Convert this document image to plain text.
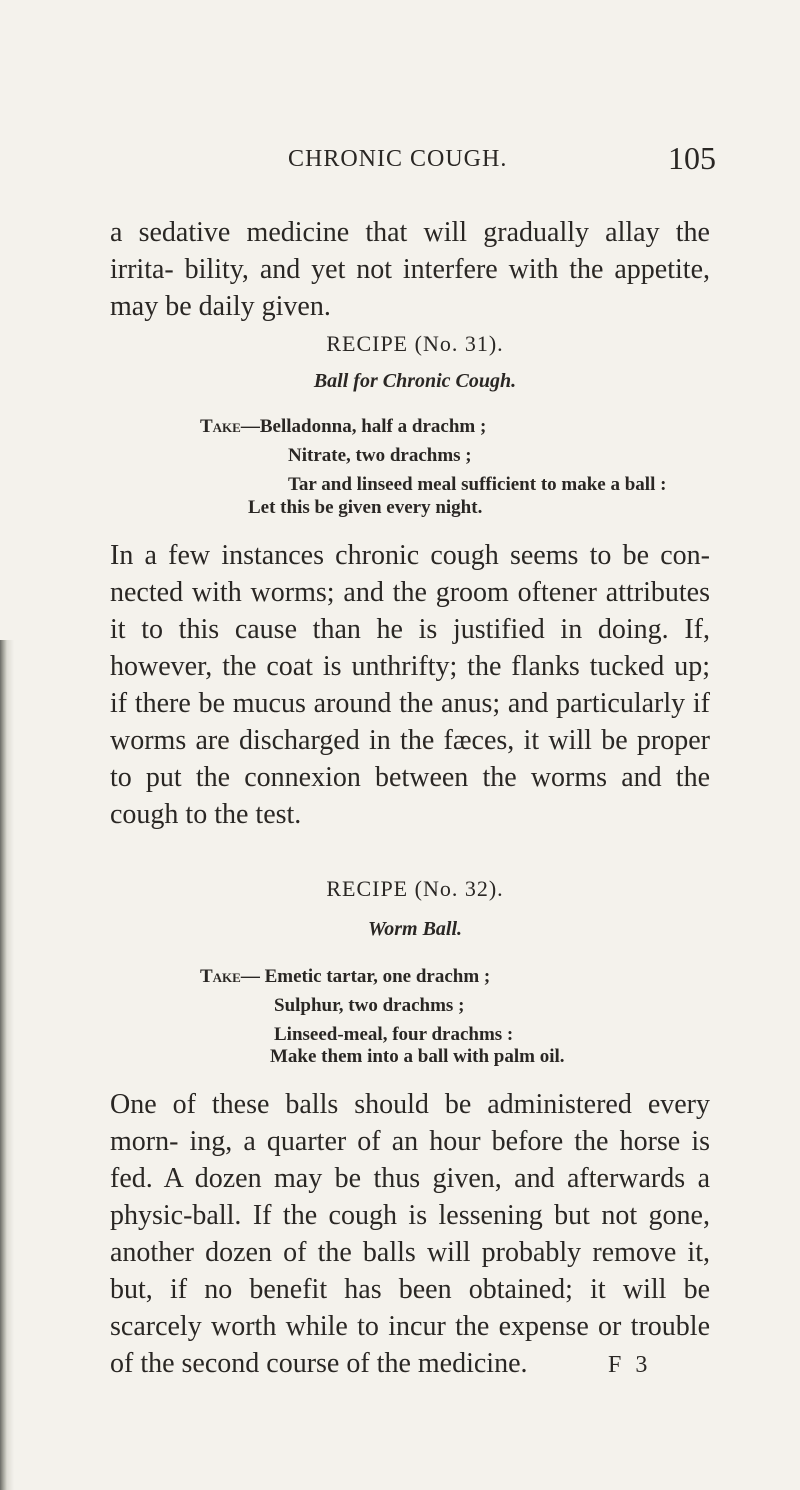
CHRONIC COUGH.	105

a sedative medicine that will gradually allay the irrita- bility, and yet not interfere with the appetite, may be daily given.

RECIPE (No. 31).
Ball for Chronic Cough.
Take—Belladonna, half a drachm ;
Nitrate, two drachms ;
Tar and linseed meal sufficient to make a ball :
Let this be given every night.

In a few instances chronic cough seems to be con- nected with worms; and the groom oftener attributes it to this cause than he is justified in doing. If, however, the coat is unthrifty; the flanks tucked up; if there be mucus around the anus; and particularly if worms are discharged in the fæces, it will be proper to put the connexion between the worms and the cough to the test.

RECIPE (No. 32).
Worm Ball.
Take— Emetic tartar, one drachm ;
Sulphur, two drachms ;
Linseed-meal, four drachms :
Make them into a ball with palm oil.

One of these balls should be administered every morn- ing, a quarter of an hour before the horse is fed. A dozen may be thus given, and afterwards a physic-ball. If the cough is lessening but not gone, another dozen of the balls will probably remove it, but, if no benefit has been obtained; it will be scarcely worth while to incur the expense or trouble of the second course of the medicine.	F 3
